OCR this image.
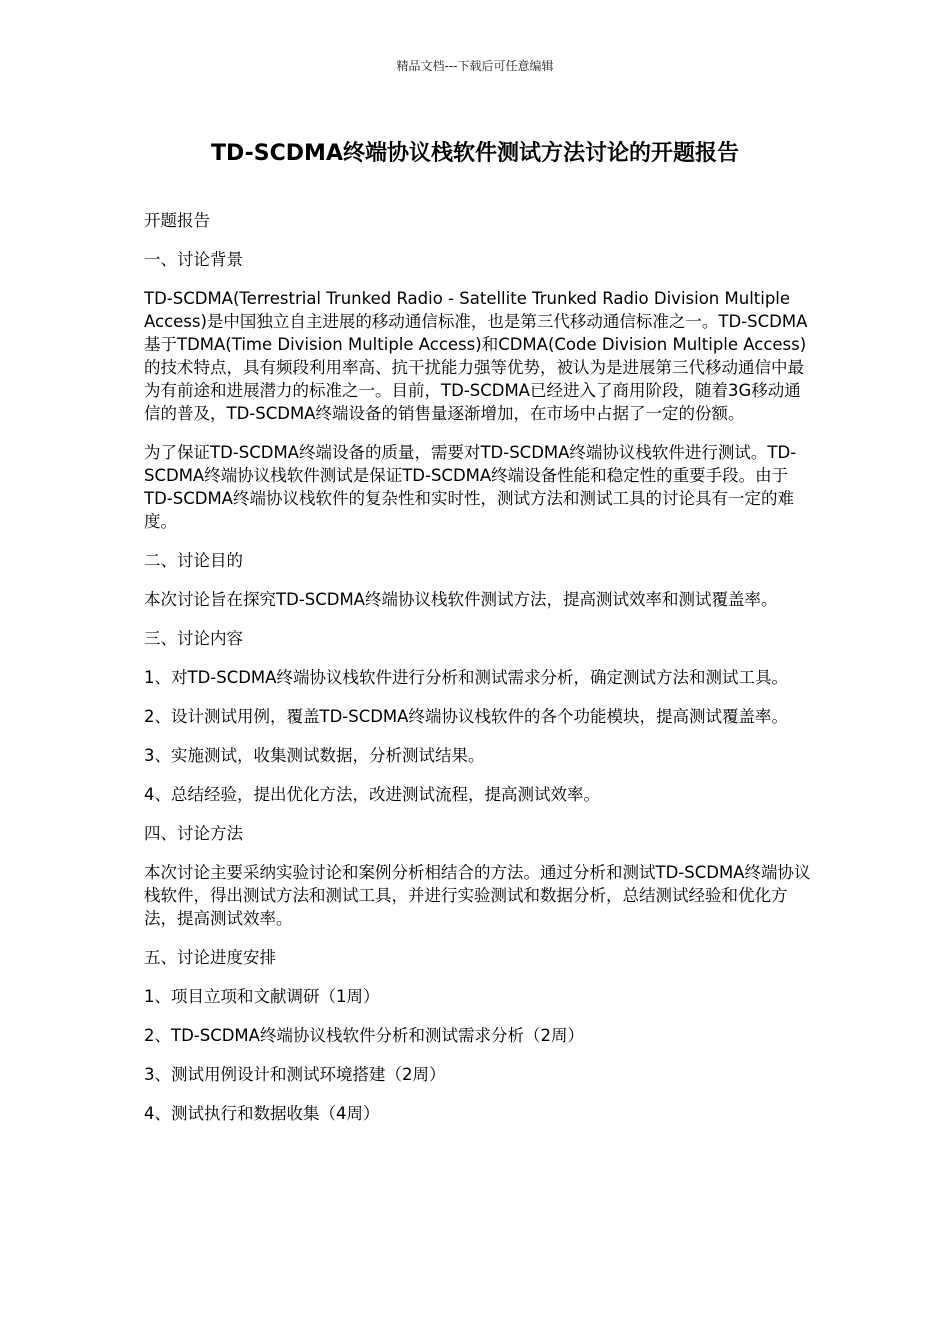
精品文档---下载后可任意编辑
TD-SCDMA终端协议栈软件测试方法讨论的开题报告

开题报告

一、讨论背景

TD-SCDMA(Terrestrial Trunked Radio - Satellite Trunked Radio Division Multiple Access)是中国独立自主进展的移动通信标准，也是第三代移动通信标准之一。TD-SCDMA基于TDMA(Time Division Multiple Access)和CDMA(Code Division Multiple Access)的技术特点，具有频段利用率高、抗干扰能力强等优势，被认为是进展第三代移动通信中最为有前途和进展潜力的标准之一。目前，TD-SCDMA已经进入了商用阶段，随着3G移动通信的普及，TD-SCDMA终端设备的销售量逐渐增加，在市场中占据了一定的份额。

为了保证TD-SCDMA终端设备的质量，需要对TD-SCDMA终端协议栈软件进行测试。TD-SCDMA终端协议栈软件测试是保证TD-SCDMA终端设备性能和稳定性的重要手段。由于TD-SCDMA终端协议栈软件的复杂性和实时性，测试方法和测试工具的讨论具有一定的难度。

二、讨论目的

本次讨论旨在探究TD-SCDMA终端协议栈软件测试方法，提高测试效率和测试覆盖率。

三、讨论内容

1、对TD-SCDMA终端协议栈软件进行分析和测试需求分析，确定测试方法和测试工具。

2、设计测试用例，覆盖TD-SCDMA终端协议栈软件的各个功能模块，提高测试覆盖率。

3、实施测试，收集测试数据，分析测试结果。

4、总结经验，提出优化方法，改进测试流程，提高测试效率。

四、讨论方法

本次讨论主要采纳实验讨论和案例分析相结合的方法。通过分析和测试TD-SCDMA终端协议栈软件，得出测试方法和测试工具，并进行实验测试和数据分析，总结测试经验和优化方法，提高测试效率。

五、讨论进度安排

1、项目立项和文献调研（1周）

2、TD-SCDMA终端协议栈软件分析和测试需求分析（2周）

3、测试用例设计和测试环境搭建（2周）

4、测试执行和数据收集（4周）
